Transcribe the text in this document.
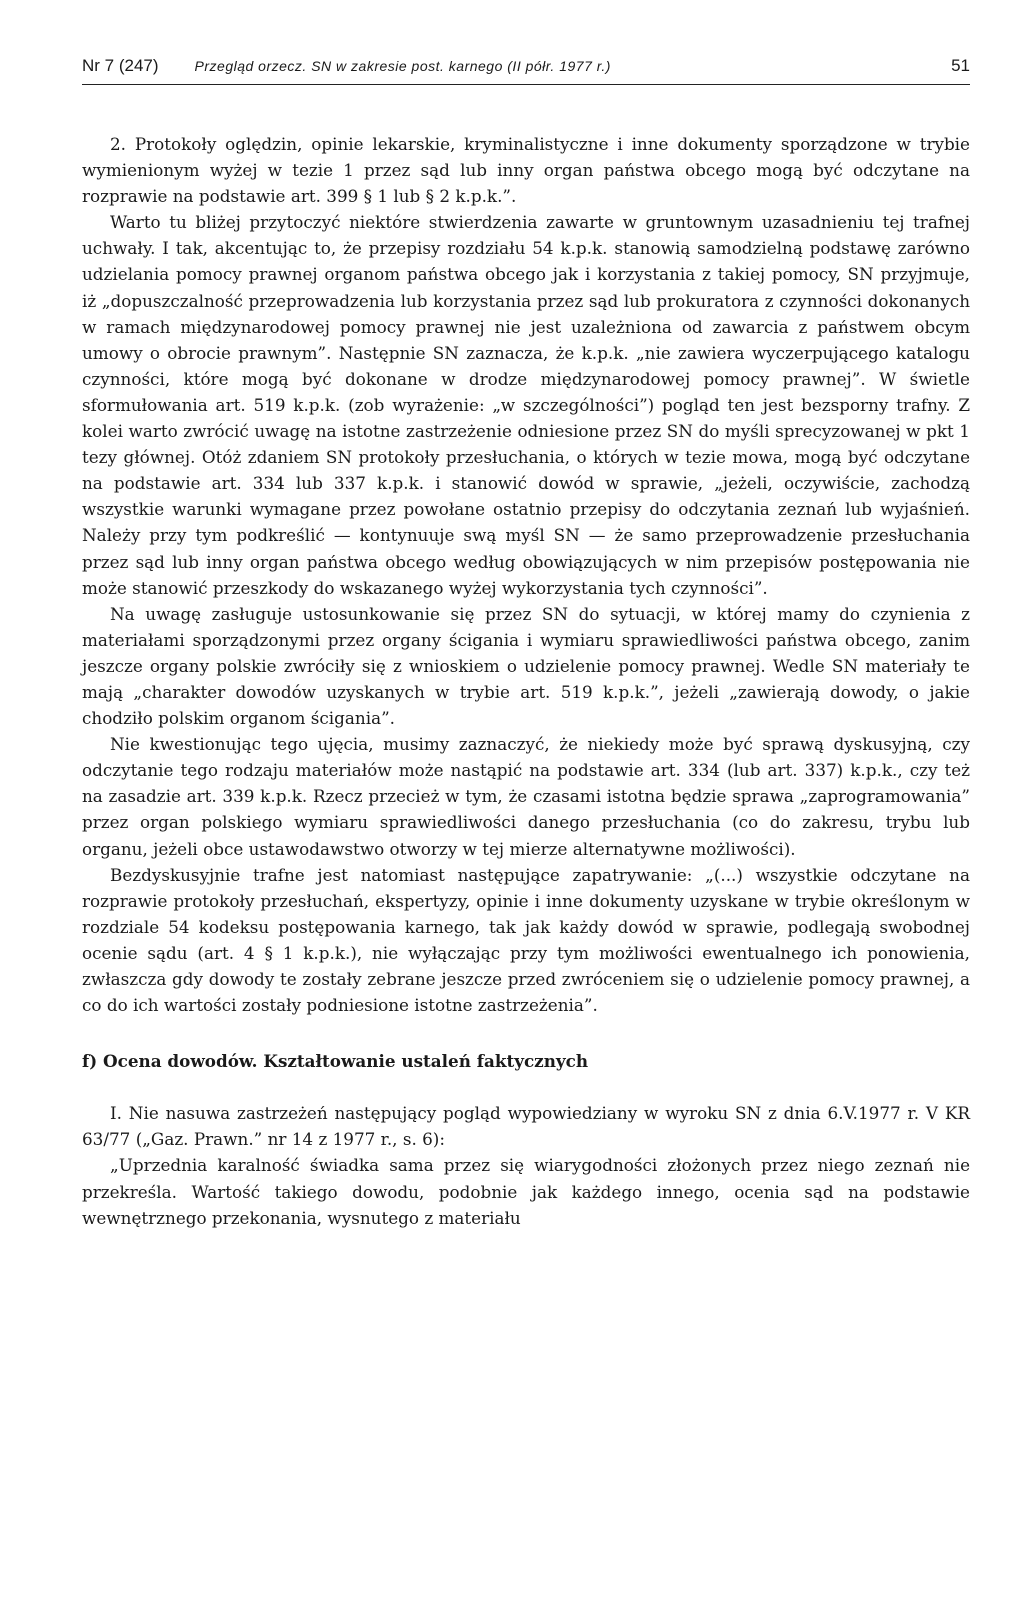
Nr 7 (247)	Przegląd orzecz. SN w zakresie post. karnego (II półr. 1977 r.)	51

2. Protokoły oględzin, opinie lekarskie, kryminalistyczne i inne dokumenty sporządzone w trybie wymienionym wyżej w tezie 1 przez sąd lub inny organ państwa obcego mogą być odczytane na rozprawie na podstawie art. 399 § 1 lub § 2 k.p.k.”.

Warto tu bliżej przytoczyć niektóre stwierdzenia zawarte w gruntownym uzasadnieniu tej trafnej uchwały. I tak, akcentując to, że przepisy rozdziału 54 k.p.k. stanowią samodzielną podstawę zarówno udzielania pomocy prawnej organom państwa obcego jak i korzystania z takiej pomocy, SN przyjmuje, iż „dopuszczalność przeprowadzenia lub korzystania przez sąd lub prokuratora z czynności dokonanych w ramach międzynarodowej pomocy prawnej nie jest uzależniona od zawarcia z państwem obcym umowy o obrocie prawnym”. Następnie SN zaznacza, że k.p.k. „nie zawiera wyczerpującego katalogu czynności, które mogą być dokonane w drodze międzynarodowej pomocy prawnej”. W świetle sformułowania art. 519 k.p.k. (zob wyrażenie: „w szczególności”) pogląd ten jest bezsporny trafny. Z kolei warto zwrócić uwagę na istotne zastrzeżenie odniesione przez SN do myśli sprecyzowanej w pkt 1 tezy głównej. Otóż zdaniem SN protokoły przesłuchania, o których w tezie mowa, mogą być odczytane na podstawie art. 334 lub 337 k.p.k. i stanowić dowód w sprawie, „jeżeli, oczywiście, zachodzą wszystkie warunki wymagane przez powołane ostatnio przepisy do odczytania zeznań lub wyjaśnień. Należy przy tym podkreślić — kontynuuje swą myśl SN — że samo przeprowadzenie przesłuchania przez sąd lub inny organ państwa obcego według obowiązujących w nim przepisów postępowania nie może stanowić przeszkody do wskazanego wyżej wykorzystania tych czynności”.

Na uwagę zasługuje ustosunkowanie się przez SN do sytuacji, w której mamy do czynienia z materiałami sporządzonymi przez organy ścigania i wymiaru sprawiedliwości państwa obcego, zanim jeszcze organy polskie zwróciły się z wnioskiem o udzielenie pomocy prawnej. Wedle SN materiały te mają „charakter dowodów uzyskanych w trybie art. 519 k.p.k.”, jeżeli „zawierają dowody, o jakie chodziło polskim organom ścigania”.

Nie kwestionując tego ujęcia, musimy zaznaczyć, że niekiedy może być sprawą dyskusyjną, czy odczytanie tego rodzaju materiałów może nastąpić na podstawie art. 334 (lub art. 337) k.p.k., czy też na zasadzie art. 339 k.p.k. Rzecz przecież w tym, że czasami istotna będzie sprawa „zaprogramowania” przez organ polskiego wymiaru sprawiedliwości danego przesłuchania (co do zakresu, trybu lub organu, jeżeli obce ustawodawstwo otworzy w tej mierze alternatywne możliwości).

Bezdyskusyjnie trafne jest natomiast następujące zapatrywanie: „(...) wszystkie odczytane na rozprawie protokoły przesłuchań, ekspertyzy, opinie i inne dokumenty uzyskane w trybie określonym w rozdziale 54 kodeksu postępowania karnego, tak jak każdy dowód w sprawie, podlegają swobodnej ocenie sądu (art. 4 § 1 k.p.k.), nie wyłączając przy tym możliwości ewentualnego ich ponowienia, zwłaszcza gdy dowody te zostały zebrane jeszcze przed zwróceniem się o udzielenie pomocy prawnej, a co do ich wartości zostały podniesione istotne zastrzeżenia”.

f) Ocena dowodów. Kształtowanie ustaleń faktycznych

I. Nie nasuwa zastrzeżeń następujący pogląd wypowiedziany w wyroku SN z dnia 6.V.1977 r. V KR 63/77 („Gaz. Prawn.” nr 14 z 1977 r., s. 6):

„Uprzednia karalność świadka sama przez się wiarygodności złożonych przez niego zeznań nie przekreśla. Wartość takiego dowodu, podobnie jak każdego innego, ocenia sąd na podstawie wewnętrznego przekonania, wysnutego z materiału
